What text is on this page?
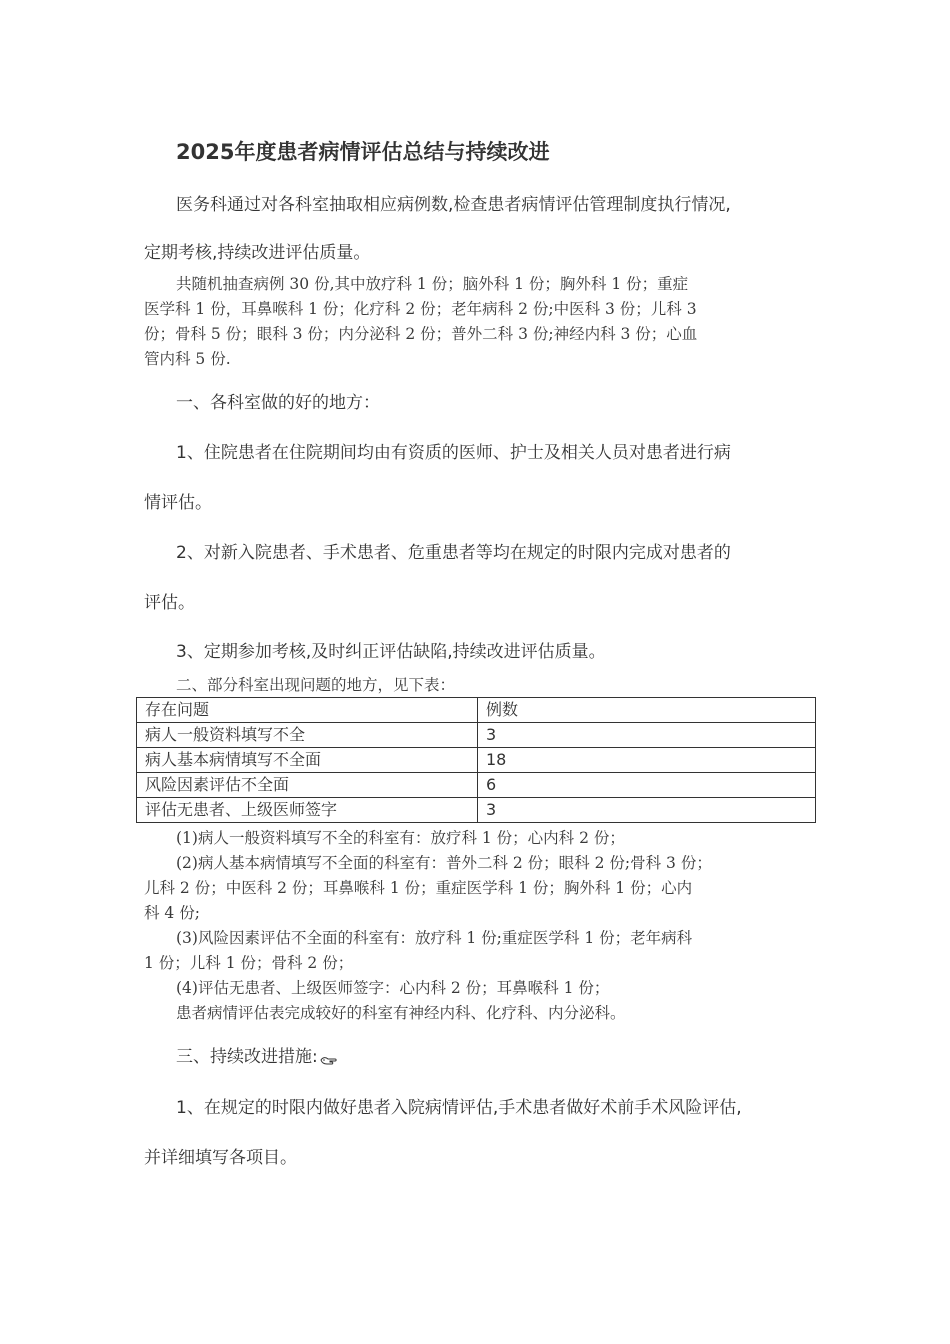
2025年度患者病情评估总结与持续改进
医务科通过对各科室抽取相应病例数,检查患者病情评估管理制度执行情况,
定期考核,持续改进评估质量。
共随机抽查病例 30 份,其中放疗科 1 份；脑外科 1 份；胸外科 1 份；重症
医学科 1 份，耳鼻喉科 1 份；化疗科 2 份；老年病科 2 份;中医科 3 份；儿科 3
份；骨科 5 份；眼科 3 份；内分泌科 2 份；普外二科 3 份;神经内科 3 份；心血
管内科 5 份.
一、各科室做的好的地方：
1、住院患者在住院期间均由有资质的医师、护士及相关人员对患者进行病
情评估。
2、对新入院患者、手术患者、危重患者等均在规定的时限内完成对患者的
评估。
3、定期参加考核,及时纠正评估缺陷,持续改进评估质量。
二、部分科室出现问题的地方，见下表：
存在问题	例数
病人一般资料填写不全	3
病人基本病情填写不全面	18
风险因素评估不全面	6
评估无患者、上级医师签字	3
(1)病人一般资料填写不全的科室有：放疗科 1 份；心内科 2 份；
(2)病人基本病情填写不全面的科室有：普外二科 2 份；眼科 2 份;骨科 3 份；
儿科 2 份；中医科 2 份；耳鼻喉科 1 份；重症医学科 1 份；胸外科 1 份；心内
科 4 份;
(3)风险因素评估不全面的科室有：放疗科 1 份;重症医学科 1 份；老年病科
1 份；儿科 1 份；骨科 2 份；
(4)评估无患者、上级医师签字：心内科 2 份；耳鼻喉科 1 份；
患者病情评估表完成较好的科室有神经内科、化疗科、内分泌科。
三、持续改进措施:
1、在规定的时限内做好患者入院病情评估,手术患者做好术前手术风险评估,
并详细填写各项目。
